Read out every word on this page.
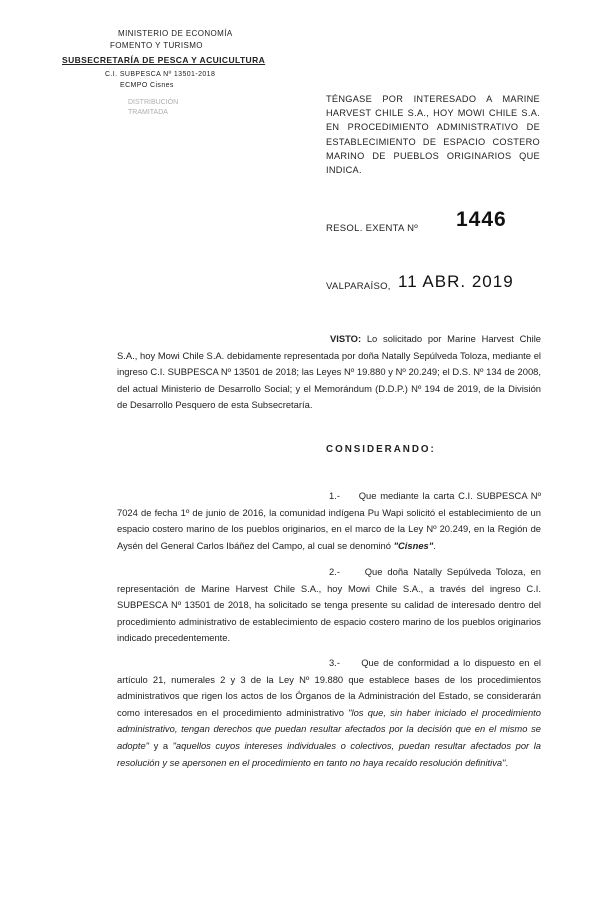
MINISTERIO DE ECONOMÍA
FOMENTO Y TURISMO
SUBSECRETARÍA DE PESCA Y ACUICULTURA
C.I. SUBPESCA Nº 13501-2018
ECMPO Cisnes
DISTRIBUCIÓN
TRAMITADA
TÉNGASE POR INTERESADO A MARINE HARVEST CHILE S.A., HOY MOWI CHILE S.A. EN PROCEDIMIENTO ADMINISTRATIVO DE ESTABLECIMIENTO DE ESPACIO COSTERO MARINO DE PUEBLOS ORIGINARIOS QUE INDICA.
RESOL. EXENTA Nº 1446
VALPARAÍSO, 11 ABR. 2019
VISTO: Lo solicitado por Marine Harvest Chile S.A., hoy Mowi Chile S.A. debidamente representada por doña Natally Sepúlveda Toloza, mediante el ingreso C.I. SUBPESCA Nº 13501 de 2018; las Leyes Nº 19.880 y Nº 20.249; el D.S. Nº 134 de 2008, del actual Ministerio de Desarrollo Social; y el Memorándum (D.D.P.) Nº 194 de 2019, de la División de Desarrollo Pesquero de esta Subsecretaría.
CONSIDERANDO:
1.- Que mediante la carta C.I. SUBPESCA Nº 7024 de fecha 1º de junio de 2016, la comunidad indígena Pu Wapi solicitó el establecimiento de un espacio costero marino de los pueblos originarios, en el marco de la Ley Nº 20.249, en la Región de Aysén del General Carlos Ibáñez del Campo, al cual se denominó "Cisnes".
2.-	Que doña Natally Sepúlveda Toloza, en representación de Marine Harvest Chile S.A., hoy Mowi Chile S.A., a través del ingreso C.I. SUBPESCA Nº 13501 de 2018, ha solicitado se tenga presente su calidad de interesado dentro del procedimiento administrativo de establecimiento de espacio costero marino de los pueblos originarios indicado precedentemente.
3.- Que de conformidad a lo dispuesto en el artículo 21, numerales 2 y 3 de la Ley Nº 19.880 que establece bases de los procedimientos administrativos que rigen los actos de los Órganos de la Administración del Estado, se considerarán como interesados en el procedimiento administrativo "los que, sin haber iniciado el procedimiento administrativo, tengan derechos que puedan resultar afectados por la decisión que en el mismo se adopte" y a "aquellos cuyos intereses individuales o colectivos, puedan resultar afectados por la resolución y se apersonen en el procedimiento en tanto no haya recaído resolución definitiva".
